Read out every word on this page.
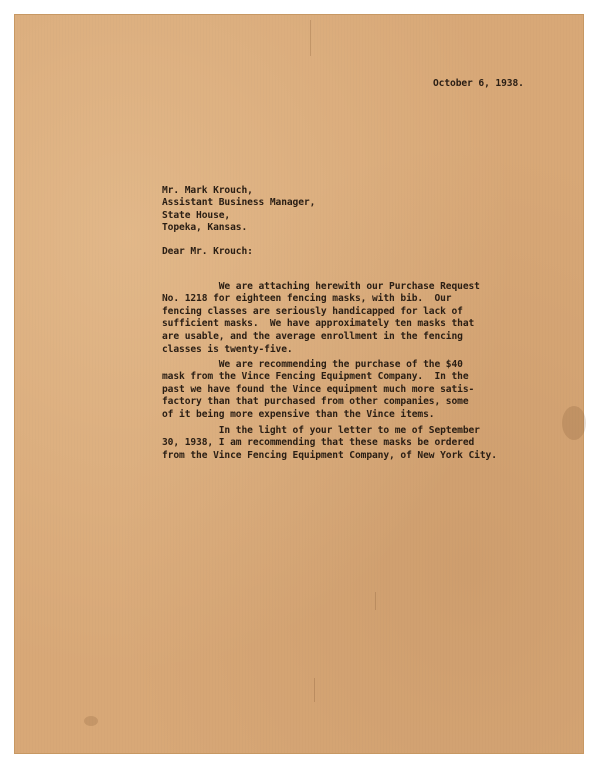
October 6, 1938.

Mr. Mark Krouch,
Assistant Business Manager,
State House,
Topeka, Kansas.

Dear Mr. Krouch:

We are attaching herewith our Purchase Request
No. 1218 for eighteen fencing masks, with bib.  Our
fencing classes are seriously handicapped for lack of
sufficient masks.  We have approximately ten masks that
are usable, and the average enrollment in the fencing
classes is twenty-five.

We are recommending the purchase of the $40
mask from the Vince Fencing Equipment Company.  In the
past we have found the Vince equipment much more satis-
factory than that purchased from other companies, some
of it being more expensive than the Vince items.

In the light of your letter to me of September
30, 1938, I am recommending that these masks be ordered
from the Vince Fencing Equipment Company, of New York City.
